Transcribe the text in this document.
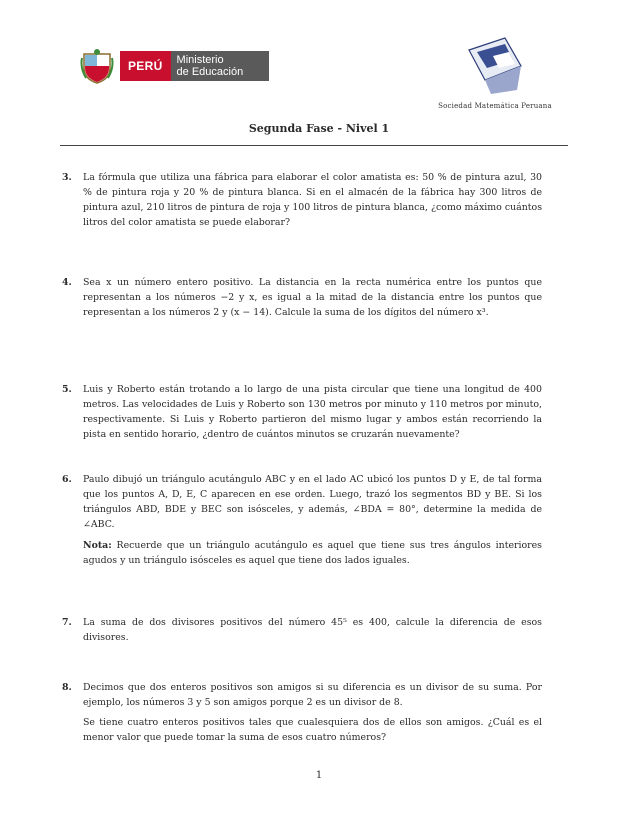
PERÚ	Ministerio
de Educación
Sociedad Matemática Peruana
Segunda Fase - Nivel 1
3.	La fórmula que utiliza una fábrica para elaborar el color amatista es: 50 % de pintura azul, 30 % de pintura roja y 20 % de pintura blanca. Si en el almacén de la fábrica hay 300 litros de pintura azul, 210 litros de pintura de roja y 100 litros de pintura blanca, ¿como máximo cuántos litros del color amatista se puede elaborar?
4.	Sea x un número entero positivo. La distancia en la recta numérica entre los puntos que representan a los números −2 y x, es igual a la mitad de la distancia entre los puntos que representan a los números 2 y (x − 14). Calcule la suma de los dígitos del número x³.
5.	Luis y Roberto están trotando a lo largo de una pista circular que tiene una longitud de 400 metros. Las velocidades de Luis y Roberto son 130 metros por minuto y 110 metros por minuto, respectivamente. Si Luis y Roberto partieron del mismo lugar y ambos están recorriendo la pista en sentido horario, ¿dentro de cuántos minutos se cruzarán nuevamente?
6.	Paulo dibujó un triángulo acutángulo ABC y en el lado AC ubicó los puntos D y E, de tal forma que los puntos A, D, E, C aparecen en ese orden. Luego, trazó los segmentos BD y BE. Si los triángulos ABD, BDE y BEC son isósceles, y además, ∠BDA = 80°, determine la medida de ∠ABC.
Nota: Recuerde que un triángulo acutángulo es aquel que tiene sus tres ángulos interiores agudos y un triángulo isósceles es aquel que tiene dos lados iguales.
7.	La suma de dos divisores positivos del número 45⁵ es 400, calcule la diferencia de esos divisores.
8.	Decimos que dos enteros positivos son amigos si su diferencia es un divisor de su suma. Por ejemplo, los números 3 y 5 son amigos porque 2 es un divisor de 8.
Se tiene cuatro enteros positivos tales que cualesquiera dos de ellos son amigos. ¿Cuál es el menor valor que puede tomar la suma de esos cuatro números?
1
